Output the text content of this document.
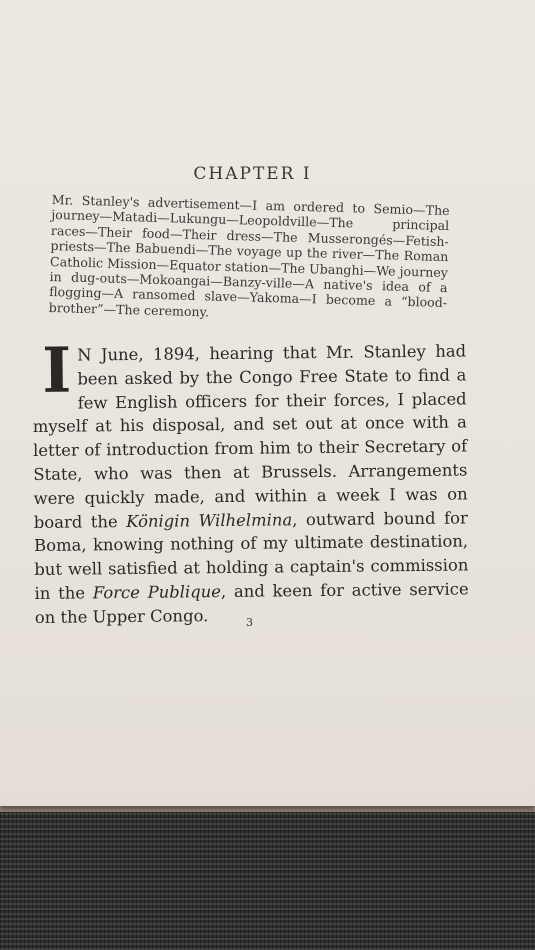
CHAPTER I
Mr. Stanley's advertisement—I am ordered to Semio—The journey—Matadi—Lukungu—Leopoldville—The principal races—Their food—Their dress—The Musserongés—Fetish-priests—The Babuendi—The voyage up the river—The Roman Catholic Mission—Equator station—The Ubanghi—We journey in dug-outs—Mokoangai—Banzy-ville—A native's idea of a flogging—A ransomed slave—Yakoma—I become a “blood-brother”—The ceremony.
I N June, 1894, hearing that Mr. Stanley had been asked by the Congo Free State to find a few English officers for their forces, I placed myself at his disposal, and set out at once with a letter of introduction from him to their Secretary of State, who was then at Brussels. Arrangements were quickly made, and within a week I was on board the Königin Wilhelmina, outward bound for Boma, knowing nothing of my ultimate destination, but well satisfied at holding a captain's commission in the Force Publique, and keen for active service on the Upper Congo.	3
